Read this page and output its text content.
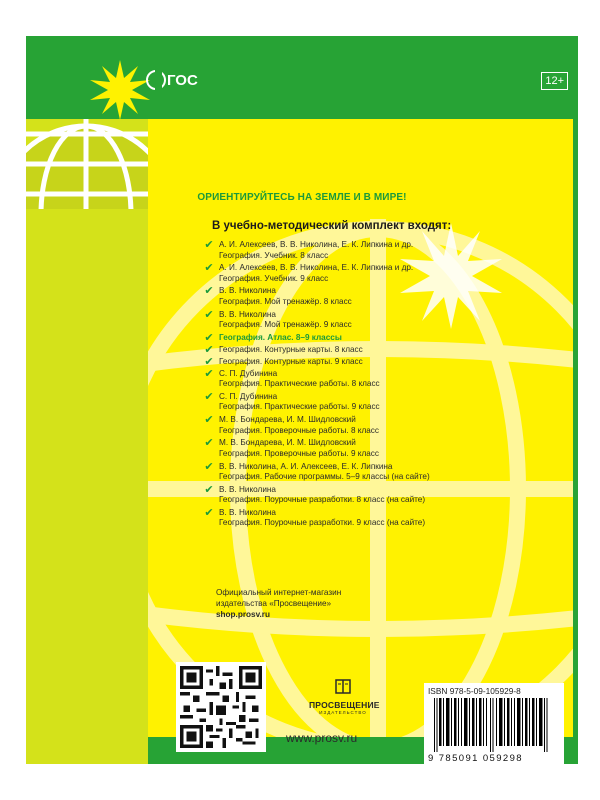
ГОС	12+
ОРИЕНТИРУЙТЕСЬ НА ЗЕМЛЕ И В МИРЕ!
В учебно-методический комплект входят:
✔ А. И. Алексеев, В. В. Николина, Е. К. Липкина и др.
География. Учебник. 8 класс
✔ А. И. Алексеев, В. В. Николина, Е. К. Липкина и др.
География. Учебник. 9 класс
✔ В. В. Николина
География. Мой тренажёр. 8 класс
✔ В. В. Николина
География. Мой тренажёр. 9 класс
✔ География. Атлас. 8–9 классы
✔ География. Контурные карты. 8 класс
✔ География. Контурные карты. 9 класс
✔ С. П. Дубинина
География. Практические работы. 8 класс
✔ С. П. Дубинина
География. Практические работы. 9 класс
✔ М. В. Бондарева, И. М. Шидловский
География. Проверочные работы. 8 класс
✔ М. В. Бондарева, И. М. Шидловский
География. Проверочные работы. 9 класс
✔ В. В. Николина, А. И. Алексеев, Е. К. Липкина
География. Рабочие программы. 5–9 классы (на сайте)
✔ В. В. Николина
География. Поурочные разработки. 8 класс (на сайте)
✔ В. В. Николина
География. Поурочные разработки. 9 класс (на сайте)
Официальный интернет-магазин
издательства «Просвещение»
shop.prosv.ru
ПРОСВЕЩЕНИЕ
ИЗДАТЕЛЬСТВО
www.prosv.ru
ISBN 978-5-09-105929-8
9 785091 059298
